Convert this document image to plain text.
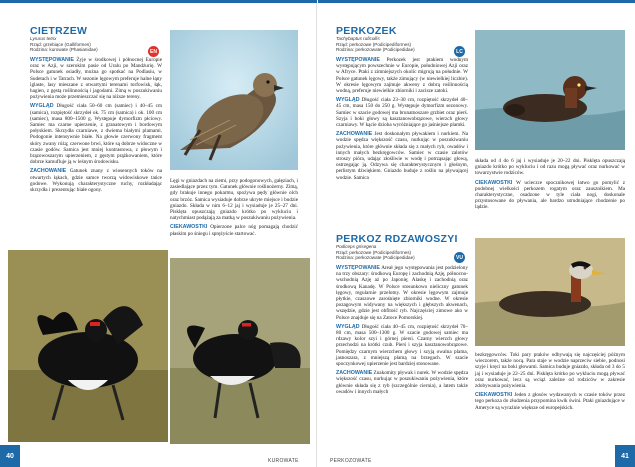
CIETRZEW
Lyrurus tetrix
Rząd: grzebiące (Galliformes)
Rodzina: kurowate (Phasianidae)

WYSTĘPOWANIE Żyje w środkowej i północnej Europie oraz w Azji, w szerokim pasie od Uralu po Mandżurię. W Polsce gatunek osiadły, można go spotkać na Podlasiu, w Sudetach i w Tatrach. W sezonie lęgowym preferuje halne łąny iglaste, lasy mieszane z otwartymi terenami torfowisk, łąk, hagien, z gęstą roślinnością i jagodami. Zimą w poszukiwaniu pożywienia może przemieszczać się na niższe tereny.

WYGLĄD Długość ciała 50–60 cm (samiec) i 40–45 cm (samica), rozpiętość skrzydeł ok. 75 cm (samica) i ok. 100 cm (samiec), masa 800–1500 g. Występuje dymorfizm płciowy. Samiec ma czarne upierzenie, z granatowym i bordowym połyskiem. Skrzydła czarniawe, z dwiema białymi plamami. Podogonie intensywnie białe. Na głowie czerwony fragment skóry zwany różą; czerwone brwi, które są dobrze widoczne w czasie godów. Samica jest mniej kontrastowa, z płowym i brązowoszarym upierzeniem, z gęstym prążkowaniem, które dobrze kamufluje ją w leśnym środowisku.

ZACHOWANIE Gatunek znany z wiosennych toków na otwartych łąkach, gdzie samce tworzą widowiskowe tańce godowe. Wykonują charakterystyczne ruchy, rozkładając skrzydła i prezentując białe ogony.

EN

Lęgi w gniazdach na ziemi, przy podogonowych, gałęziach, i zasiedlające przez tym. Gatunek głównie roślinożerny. Zimą, gdy brakuje innego pokarmu, spożywa pędy głównie olch oraz brzóz. Samica wysiaduje dobrze ukryte miejsce i budzie gniazdo. Składa w nim 6–12 jaj i wysiaduje je 25–27 dni. Pisklęta opuszczają gniazdo krótko po wykluciu i natychmiast podążają za matką w poszukiwaniu pożywienia.

CIEKAWOSTKI Opierzone palce nóg pomagają chodzić płaskim po śniegu i sprężyście startować.

40
KUROWATE
PERKOZEK
Tachybaptus ruficollis
Rząd: perkozowe (Podicipediformes)
Rodzina: perkozowate (Podicipedidae)

WYSTĘPOWANIE Perkozek jest ptakiem wodnym występującym powszechnie w Europie, południowej Azji oraz w Afryce. Ptaki z zimniejszych okolic migrują na południe. W Polsce gatunek lęgowy, także zimujący (w niewielkiej liczbie). W okresie lęgowym zajmuje akweny z dobrą roślinnością wodną, preferuje niewielkie zbiorniki i zacisze zatoki.

WYGLĄD Długość ciała 23–30 cm, rozpiętość skrzydeł 40–45 cm, masa 150 do 250 g. Występuje dymorfizm sezonowy. Samiec w szacie godowej ma brunatnoszare grzbiet oraz pierś. Szyja i boki głowy są kasztanowobrązowe, wierzch głowy czarniawy. W kącie dzioba wyróżniające go jaśniejsze plamki.

ZACHOWANIE Jest doskonałym pływakiem i nurkiem. Na wodzie spędza większość czasu, nurkując w poszukiwaniu pożywienia, które głównie składa się z małych ryb, owadów i innych małych bezkręgowców. Samiec w czasie zalotów stroszy pióra, udając złośliwie w wodę i potrząsając głową, ostrzegając ją. Odzywa się charakterystycznym i głośnym, perlistym dźwiękiem. Gniazdo buduje z roślin na pływającej wodzie. Samica

LC

składa od 4 do 6 jaj i wysiaduje je 20–22 dni. Pisklęta opuszczają gniazdo krótko po wykluciu i od razu mogą pływać oraz nurkować w towarzystwie rodziców.

CIEKAWOSTKI W ucieczce spocznikowej łatwo go pomylić z podobnej wielkości perkozem rogatym oraz zausznikiem. Ma charakterystyczne, osadzone w tyle ciała nogi, doskonale przystosowane do pływania, ale bardzo utrudniające chodzenie po lądzie.

PERKOZ RDZAWOSZYI
Podiceps grisegena
Rząd: perkozowe (Podicipediformes)
Rodzina: perkozowate (Podicipedidae)

WYSTĘPOWANIE Areał jego występowania jest podzielony na trzy obszary: środkową Europę i zachodnią Azję, północno-wschodnią Azję aż po Japonię; Alaskę i zachodnią oraz środkową Kanadę. W Polsce stosunkowo nieliczny gatunek lęgowy, regularnie przelotny. W okresie lęgowym zajmuje płytkie, czaszowe zarośnięte zbiorniki wodne. W okresie pozagowym widywany na większych i głębszych akwenach, wszędzie, gdzie jest obfitość ryb. Najczęściej zimowe ako w Polsce znajduje się na Zatoce Pomorskiej.

WYGLĄD Długość ciała 40–45 cm, rozpiętość skrzydeł 70–80 cm, masa 500–1300 g. W szacie godowej samiec ma rdzawy kolor szyi i górnej piersi. Czarny wierzch głowy przechodzi na krótki czub. Pierś i szyja kasztanowobrązowe. Pomiędzy czarnym wierzchem głowy i szyją owalna plama, jasnoszara, z mniejszą plamą na brzegach. W szacie spoczynkowej upierzenie jest bardziej stonowane.

ZACHOWANIE Znakomity pływak i nurek. W wodzie spędza większość czasu, nurkując w poszukiwaniu pożywienia, które głównie składa się z ryb (szczególnie ciernia), a latem także owadów i innych małych

VU

bezkręgowców. Toki pary ptaków odbywają się najczęściej późnym wieczorem, także nocą. Para staje w wodzie naprzeciw siebie, podnosi szyje i kręci na boki głowami. Samica buduje gniazdo, składa od 3 do 5 jaj i wysiaduje je 22–25 dni. Pisklęta krótko po wykluciu mogą pływać oraz nurkować, lecz są wciąż zależne od rodziców w zakresie zdobywania pożywienia.

CIEKAWOSTKI Jeden z głosów wydawanych w czasie toków przez tego perkoza do złudzenia przypomina kwik świni. Ptaki gniazdujące w Ameryce są wyraźnie większe od europejskich.

PERKOZOWATE
41
